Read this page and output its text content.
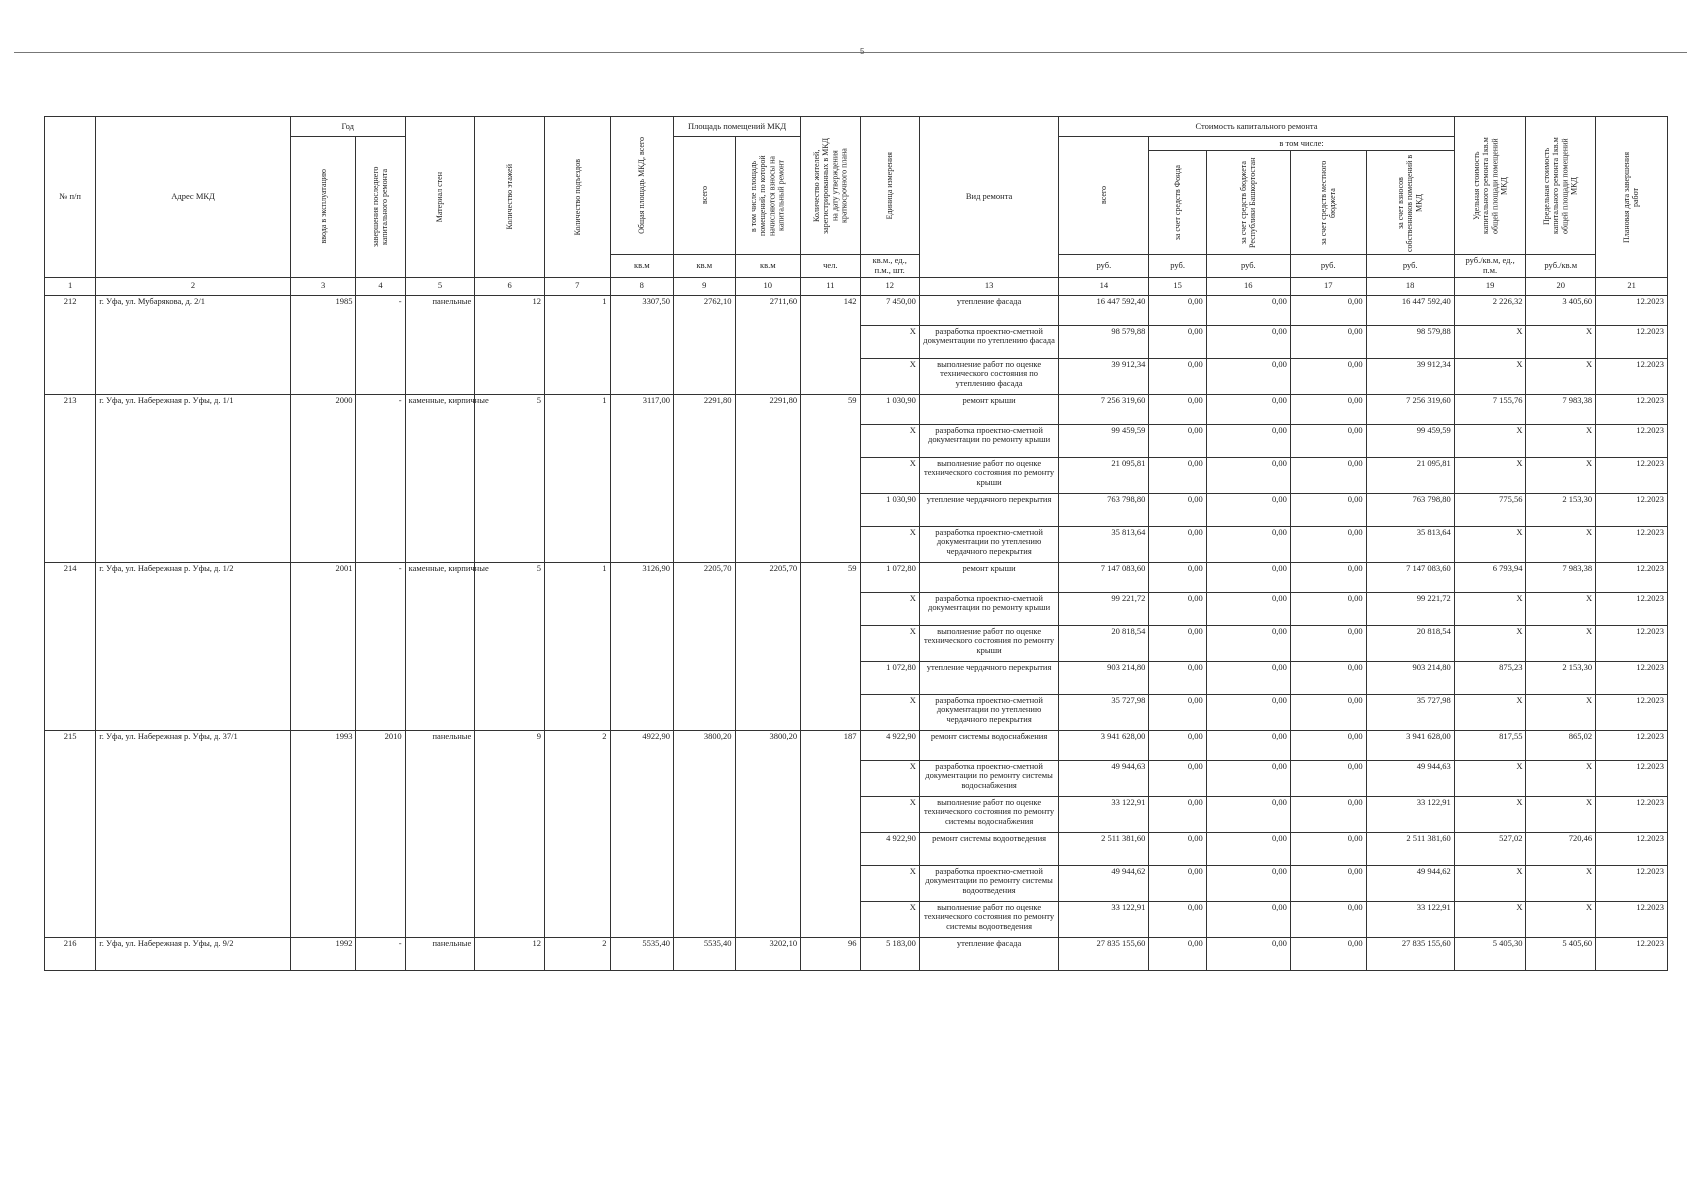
5
№ п/п	Адрес МКД	Год		Материал стен	Количество этажей	Количество подъездов	Общая площадь МКД, всего	Площадь помещений МКД		Количество жителей, зарегистрированных в МКД на дату утверждения краткосрочного плана	Единица измерения	Вид ремонта	Стоимость капитального ремонта					Удельная стоимость капитального ремонта 1кв.м общей площади помещений МКД	Предельная стоимость капитального ремонта 1кв.м общей площади помещений МКД	Плановая дата завершения работ

		ввода в эксплуатацию	завершения последнего капитального ремонта					всего	в том числе площадь помещений, по которой начисляются взносы на капитальный ремонт				всего	в том числе:						

														за счет средств Фонда	за счет средств бюджета Республики Башкортостан	за счет средств местного бюджета	за счет взносов собственников помещений в МКД			

							кв.м	кв.м	кв.м	чел.	кв.м., ед., п.м., шт.		руб.	руб.	руб.	руб.	руб.	руб./кв.м, ед., п.м.	руб./кв.м	
1	2	3	4	5	6	7	8	9	10	11	12	13	14	15	16	17	18	19	20	21
212	г. Уфа, ул. Мубарякова, д. 2/1	1985	-	панельные	12	1	3307,50	2762,10	2711,60	142	7 450,00	утепление фасада	16 447 592,40	0,00	0,00	0,00	16 447 592,40	2 226,32	3 405,60	12.2023
											X	разработка проектно-сметной документации по утеплению фасада	98 579,88	0,00	0,00	0,00	98 579,88	X	X	12.2023
											X	выполнение работ по оценке технического состояния по утеплению фасада	39 912,34	0,00	0,00	0,00	39 912,34	X	X	12.2023
213	г. Уфа, ул. Набережная р. Уфы, д. 1/1	2000	-	каменные, кирпичные	5	1	3117,00	2291,80	2291,80	59	1 030,90	ремонт крыши	7 256 319,60	0,00	0,00	0,00	7 256 319,60	7 155,76	7 983,38	12.2023
											X	разработка проектно-сметной документации по ремонту крыши	99 459,59	0,00	0,00	0,00	99 459,59	X	X	12.2023
											X	выполнение работ по оценке технического состояния по ремонту крыши	21 095,81	0,00	0,00	0,00	21 095,81	X	X	12.2023
											1 030,90	утепление чердачного перекрытия	763 798,80	0,00	0,00	0,00	763 798,80	775,56	2 153,30	12.2023
											X	разработка проектно-сметной документации по утеплению чердачного перекрытия	35 813,64	0,00	0,00	0,00	35 813,64	X	X	12.2023
214	г. Уфа, ул. Набережная р. Уфы, д. 1/2	2001	-	каменные, кирпичные	5	1	3126,90	2205,70	2205,70	59	1 072,80	ремонт крыши	7 147 083,60	0,00	0,00	0,00	7 147 083,60	6 793,94	7 983,38	12.2023
											X	разработка проектно-сметной документации по ремонту крыши	99 221,72	0,00	0,00	0,00	99 221,72	X	X	12.2023
											X	выполнение работ по оценке технического состояния по ремонту крыши	20 818,54	0,00	0,00	0,00	20 818,54	X	X	12.2023
											1 072,80	утепление чердачного перекрытия	903 214,80	0,00	0,00	0,00	903 214,80	875,23	2 153,30	12.2023
											X	разработка проектно-сметной документации по утеплению чердачного перекрытия	35 727,98	0,00	0,00	0,00	35 727,98	X	X	12.2023
215	г. Уфа, ул. Набережная р. Уфы, д. 37/1	1993	2010	панельные	9	2	4922,90	3800,20	3800,20	187	4 922,90	ремонт системы водоснабжения	3 941 628,00	0,00	0,00	0,00	3 941 628,00	817,55	865,02	12.2023
											X	разработка проектно-сметной документации по ремонту системы водоснабжения	49 944,63	0,00	0,00	0,00	49 944,63	X	X	12.2023
											X	выполнение работ по оценке технического состояния по ремонту системы водоснабжения	33 122,91	0,00	0,00	0,00	33 122,91	X	X	12.2023
											4 922,90	ремонт системы водоотведения	2 511 381,60	0,00	0,00	0,00	2 511 381,60	527,02	720,46	12.2023
											X	разработка проектно-сметной документации по ремонту системы водоотведения	49 944,62	0,00	0,00	0,00	49 944,62	X	X	12.2023
											X	выполнение работ по оценке технического состояния по ремонту системы водоотведения	33 122,91	0,00	0,00	0,00	33 122,91	X	X	12.2023
216	г. Уфа, ул. Набережная р. Уфы, д. 9/2	1992	-	панельные	12	2	5535,40	5535,40	3202,10	96	5 183,00	утепление фасада	27 835 155,60	0,00	0,00	0,00	27 835 155,60	5 405,30	5 405,60	12.2023
